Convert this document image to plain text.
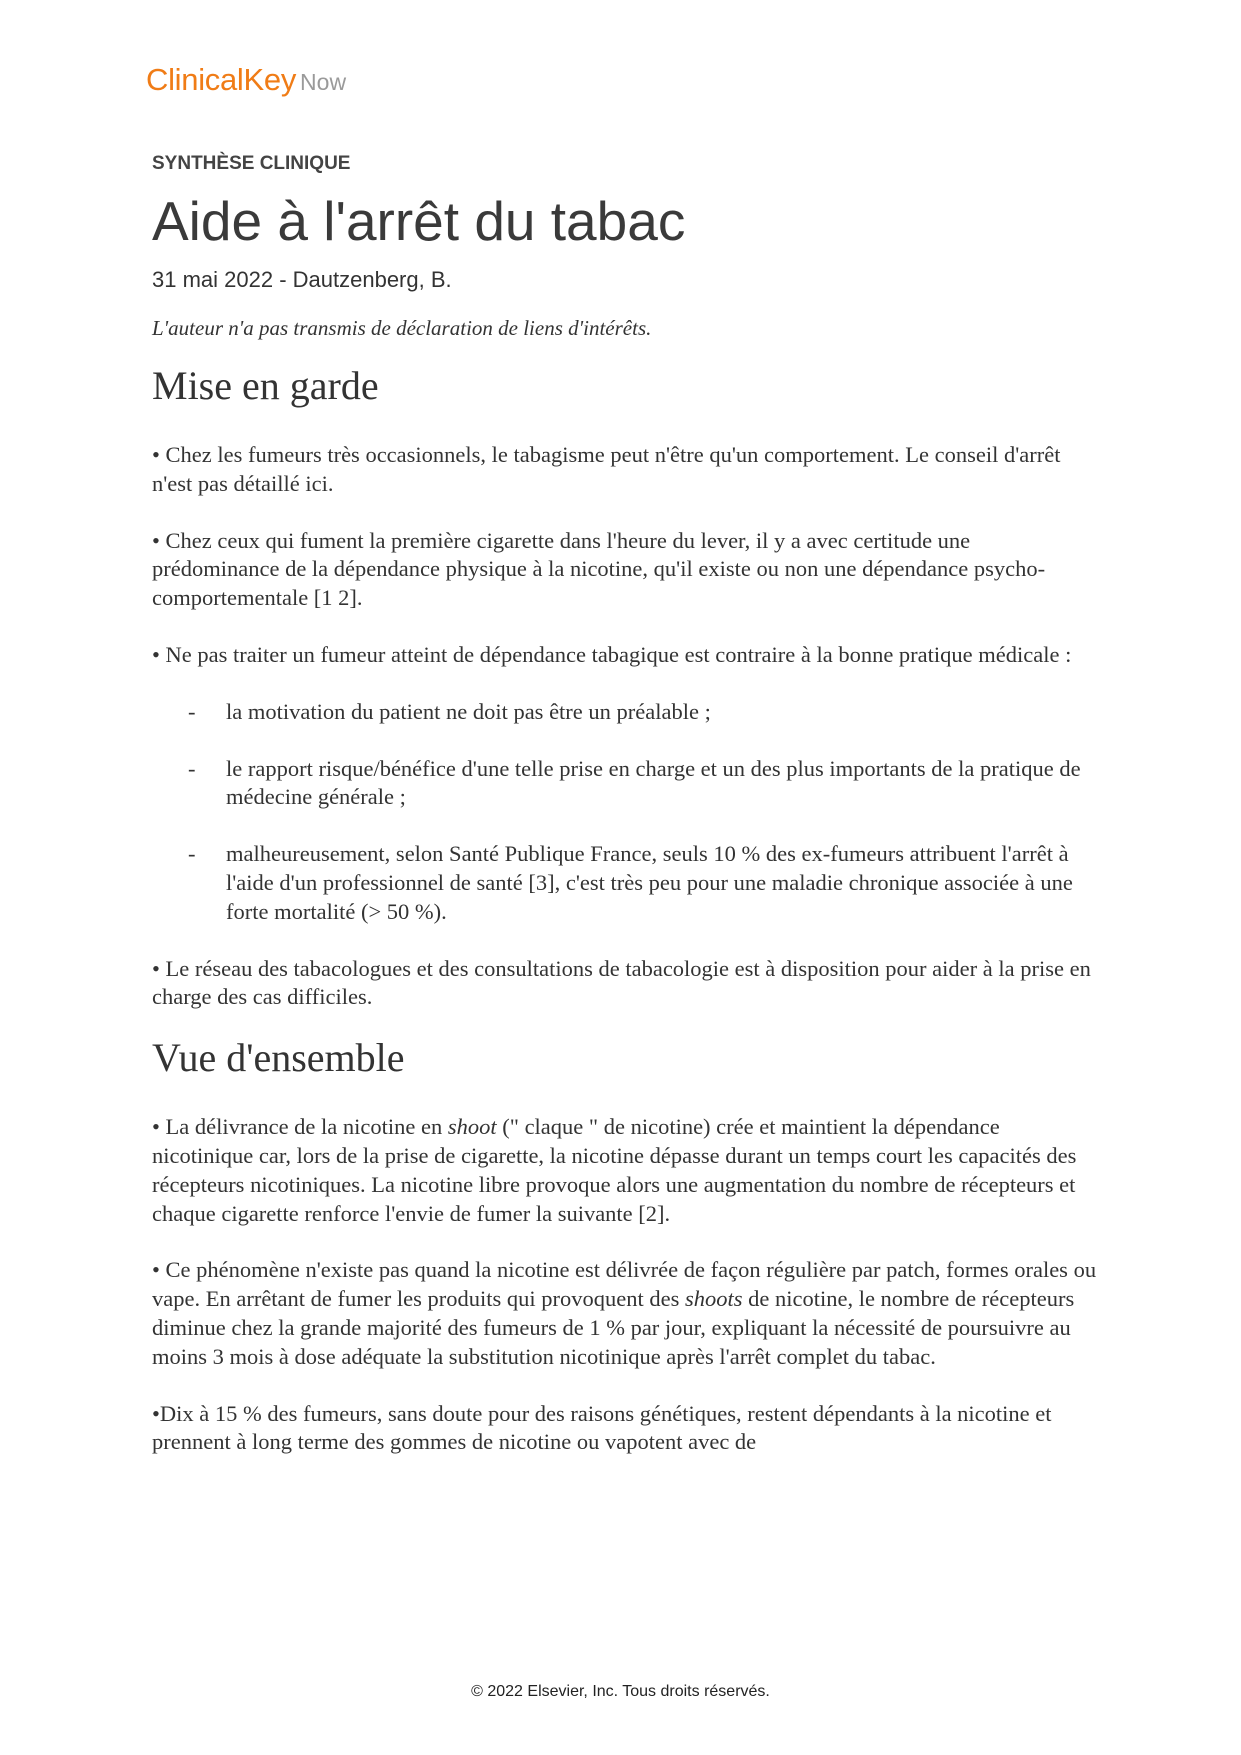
ClinicalKey Now

SYNTHÈSE CLINIQUE

Aide à l'arrêt du tabac

31 mai 2022 - Dautzenberg, B.

L'auteur n'a pas transmis de déclaration de liens d'intérêts.

Mise en garde

• Chez les fumeurs très occasionnels, le tabagisme peut n'être qu'un comportement. Le conseil d'arrêt n'est pas détaillé ici.

• Chez ceux qui fument la première cigarette dans l'heure du lever, il y a avec certitude une prédominance de la dépendance physique à la nicotine, qu'il existe ou non une dépendance psycho-comportementale [1 2].

• Ne pas traiter un fumeur atteint de dépendance tabagique est contraire à la bonne pratique médicale :

- la motivation du patient ne doit pas être un préalable ;
- le rapport risque/bénéfice d'une telle prise en charge et un des plus importants de la pratique de médecine générale ;
- malheureusement, selon Santé Publique France, seuls 10 % des ex-fumeurs attribuent l'arrêt à l'aide d'un professionnel de santé [3], c'est très peu pour une maladie chronique associée à une forte mortalité (> 50 %).

• Le réseau des tabacologues et des consultations de tabacologie est à disposition pour aider à la prise en charge des cas difficiles.

Vue d'ensemble

• La délivrance de la nicotine en shoot (" claque " de nicotine) crée et maintient la dépendance nicotinique car, lors de la prise de cigarette, la nicotine dépasse durant un temps court les capacités des récepteurs nicotiniques. La nicotine libre provoque alors une augmentation du nombre de récepteurs et chaque cigarette renforce l'envie de fumer la suivante [2].

• Ce phénomène n'existe pas quand la nicotine est délivrée de façon régulière par patch, formes orales ou vape. En arrêtant de fumer les produits qui provoquent des shoots de nicotine, le nombre de récepteurs diminue chez la grande majorité des fumeurs de 1 % par jour, expliquant la nécessité de poursuivre au moins 3 mois à dose adéquate la substitution nicotinique après l'arrêt complet du tabac.

•Dix à 15 % des fumeurs, sans doute pour des raisons génétiques, restent dépendants à la nicotine et prennent à long terme des gommes de nicotine ou vapotent avec de

© 2022 Elsevier, Inc. Tous droits réservés.
